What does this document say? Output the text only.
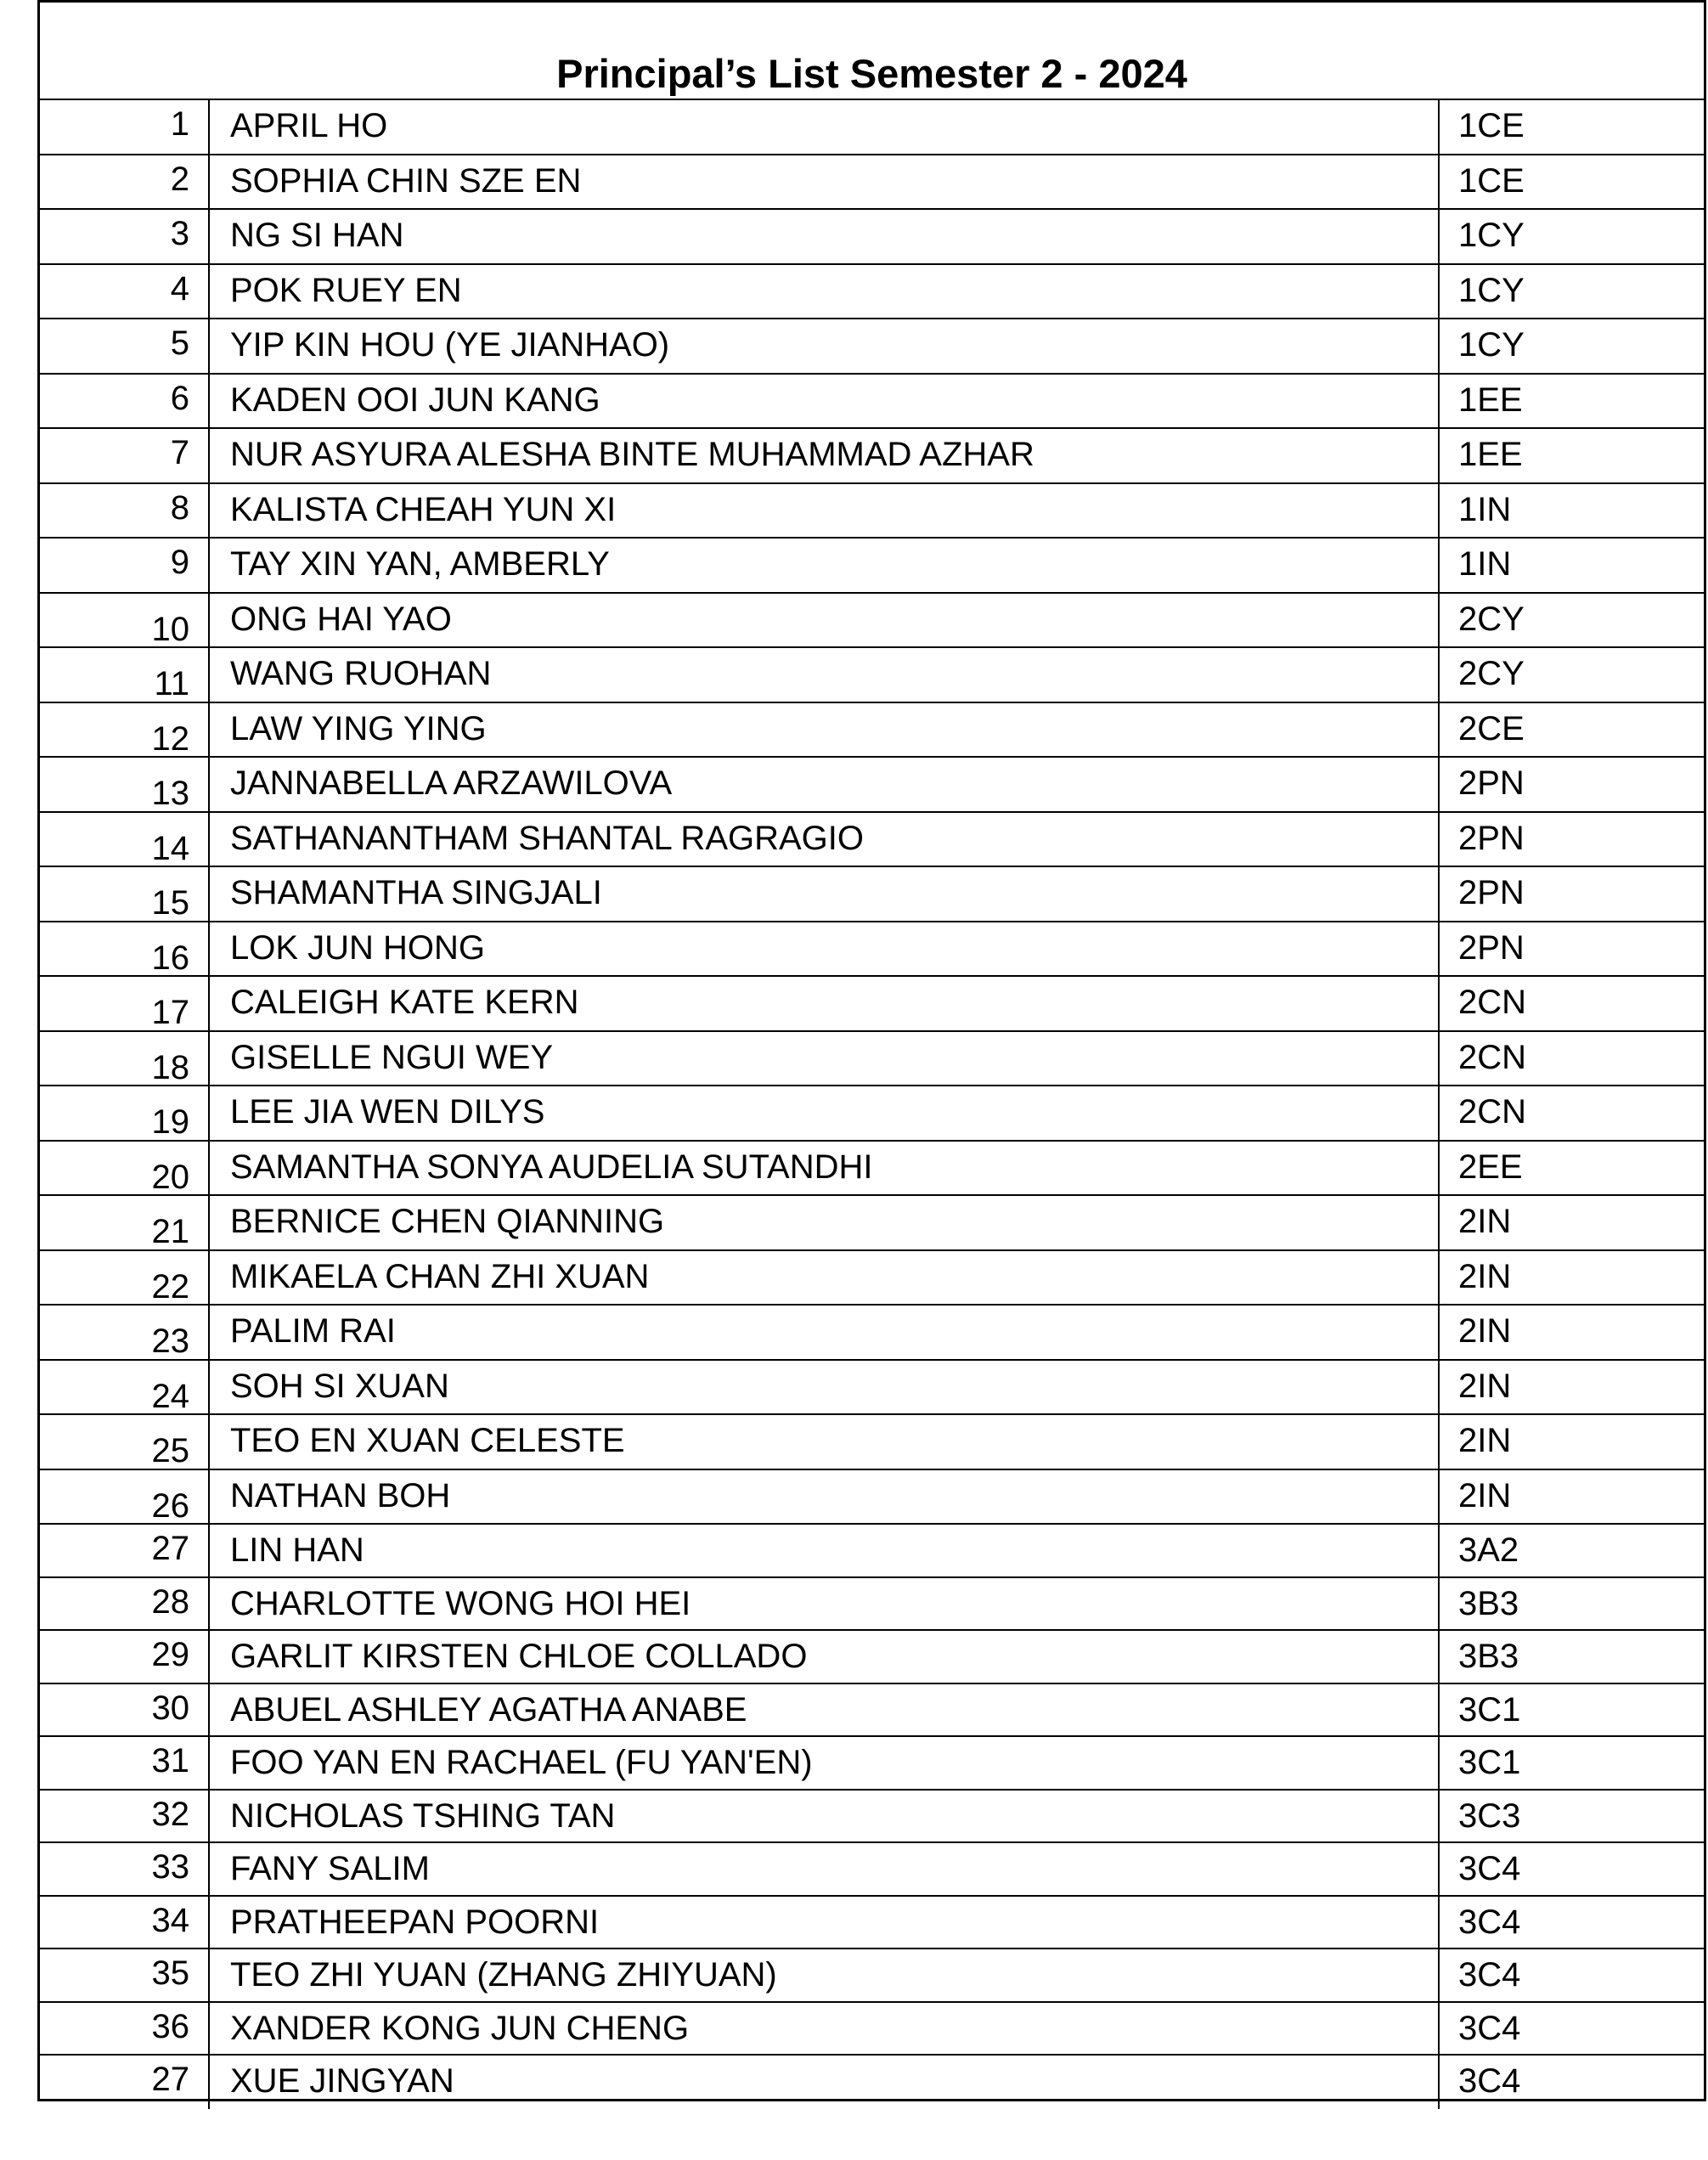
Principal’s List Semester 2 - 2024
1	APRIL HO	1CE
2	SOPHIA CHIN SZE EN	1CE
3	NG SI HAN	1CY
4	POK RUEY EN	1CY
5	YIP KIN HOU (YE JIANHAO)	1CY
6	KADEN OOI JUN KANG	1EE
7	NUR ASYURA ALESHA BINTE MUHAMMAD AZHAR	1EE
8	KALISTA CHEAH YUN XI	1IN
9	TAY XIN YAN, AMBERLY	1IN
10	ONG HAI YAO	2CY
11	WANG RUOHAN	2CY
12	LAW YING YING	2CE
13	JANNABELLA ARZAWILOVA	2PN
14	SATHANANTHAM SHANTAL RAGRAGIO	2PN
15	SHAMANTHA SINGJALI	2PN
16	LOK JUN HONG	2PN
17	CALEIGH KATE KERN	2CN
18	GISELLE NGUI WEY	2CN
19	LEE JIA WEN DILYS	2CN
20	SAMANTHA SONYA AUDELIA SUTANDHI	2EE
21	BERNICE CHEN QIANNING	2IN
22	MIKAELA CHAN ZHI XUAN	2IN
23	PALIM RAI	2IN
24	SOH SI XUAN	2IN
25	TEO EN XUAN CELESTE	2IN
26	NATHAN BOH	2IN
27	LIN HAN	3A2
28	CHARLOTTE WONG HOI HEI	3B3
29	GARLIT KIRSTEN CHLOE COLLADO	3B3
30	ABUEL ASHLEY AGATHA ANABE	3C1
31	FOO YAN EN RACHAEL (FU YAN'EN)	3C1
32	NICHOLAS TSHING TAN	3C3
33	FANY SALIM	3C4
34	PRATHEEPAN POORNI	3C4
35	TEO ZHI YUAN (ZHANG ZHIYUAN)	3C4
36	XANDER KONG JUN CHENG	3C4
27	XUE JINGYAN	3C4
